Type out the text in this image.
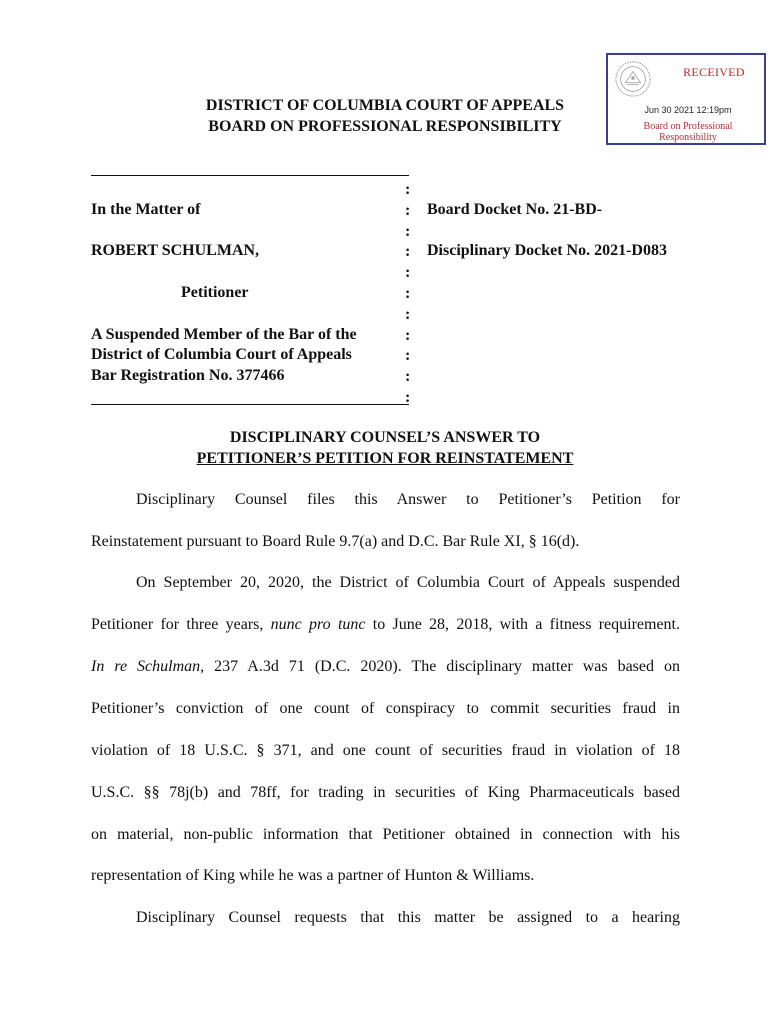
RECEIVED
Jun 30 2021 12:19pm
Board on Professional
Responsibility
DISTRICT OF COLUMBIA COURT OF APPEALS
BOARD ON PROFESSIONAL RESPONSIBILITY
In the Matter of
ROBERT SCHULMAN,
Petitioner
A Suspended Member of the Bar of the
District of Columbia Court of Appeals
Bar Registration No. 377466
:
:
:
:
:
:
:
:
:
:
:
Board Docket No. 21-BD-
Disciplinary Docket No. 2021-D083
DISCIPLINARY COUNSEL’S ANSWER TO
PETITIONER’S PETITION FOR REINSTATEMENT
Disciplinary Counsel files this Answer to Petitioner’s Petition for
Reinstatement pursuant to Board Rule 9.7(a) and D.C. Bar Rule XI, § 16(d).
On September 20, 2020, the District of Columbia Court of Appeals suspended
Petitioner for three years, nunc pro tunc to June 28, 2018, with a fitness requirement.
In re Schulman, 237 A.3d 71 (D.C. 2020). The disciplinary matter was based on
Petitioner’s conviction of one count of conspiracy to commit securities fraud in
violation of 18 U.S.C. § 371, and one count of securities fraud in violation of 18
U.S.C. §§ 78j(b) and 78ff, for trading in securities of King Pharmaceuticals based
on material, non-public information that Petitioner obtained in connection with his
representation of King while he was a partner of Hunton & Williams.
Disciplinary Counsel requests that this matter be assigned to a hearing
